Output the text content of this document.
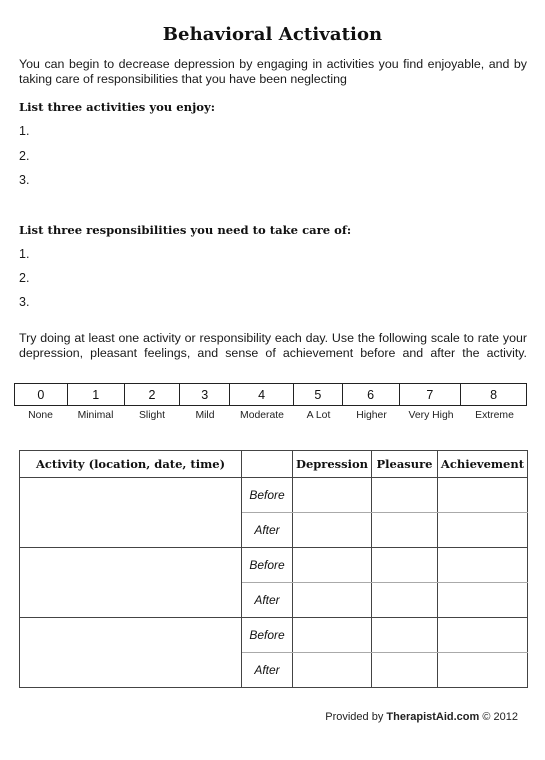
Behavioral Activation
You can begin to decrease depression by engaging in activities you find enjoyable, and by taking care of responsibilities that you have been neglecting
List three activities you enjoy:
1.
2.
3.
List three responsibilities you need to take care of:
1.
2.
3.
Try doing at least one activity or responsibility each day. Use the following scale to rate your depression, pleasant feelings, and sense of achievement before and after the activity.
0	1	2	3	4	5	6	7	8
None	Minimal	Slight	Mild	Moderate	A Lot	Higher	Very High	Extreme
Activity (location, date, time)		Depression	Pleasure	Achievement
	Before			
	After			
	Before			
	After			
	Before			
	After			
Provided by TherapistAid.com © 2012
